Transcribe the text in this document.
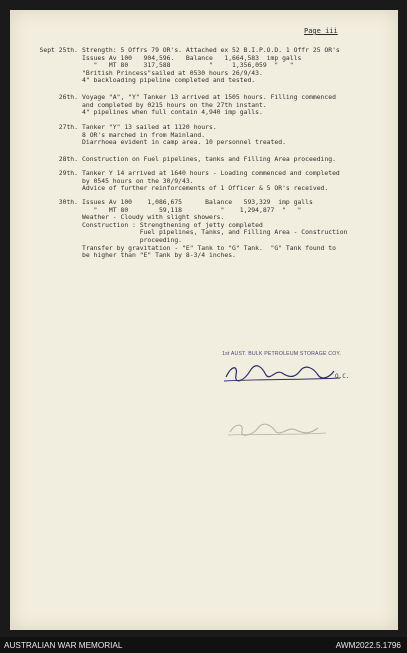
Page iii
Sept 25th. Strength: 5 Offrs 79 OR's. Attached ex 52 B.I.P.O.D. 1 Offr 25 OR's
Issues Av 100   904,596.   Balance   1,664,583  imp galls
"   MT 80    317,588          "     1,356,059  "   "
"British Princess"sailed at 0530 hours 26/9/43.
4" backloading pipeline completed and tested.
26th. Voyage "A", "Y" Tanker 13 arrived at 1505 hours. Filling commenced
and completed by 0215 hours on the 27th instant.
4" pipelines when full contain 4,940 imp galls.
27th. Tanker "Y" 13 sailed at 1120 hours.
8 OR's marched in from Mainland.
Diarrhoea evident in camp area. 10 personnel treated.
28th. Construction on Fuel pipelines, tanks and Filling Area proceeding.
29th. Tanker Y 14 arrived at 1640 hours - Loading commenced and completed
by 0545 hours on the 30/9/43.
Advice of further reinforcements of 1 Officer & 5 OR's received.
30th. Issues Av 100    1,086,675      Balance   593,329  imp galls
"   MT 80        59,118          "    1,294,877  "   "
Weather - Cloudy with slight showers.
Construction : Strengthening of jetty completed
Fuel pipelines, Tanks, and Filling Area - Construction
proceeding.
Transfer by gravitation - "E" Tank to "G" Tank.  "G" Tank found to
be higher than "E" Tank by 8-3/4 inches.
1st AUST. BULK PETROLEUM STORAGE COY.
O.C.
AUSTRALIAN WAR MEMORIAL	AWM2022.5.1796
